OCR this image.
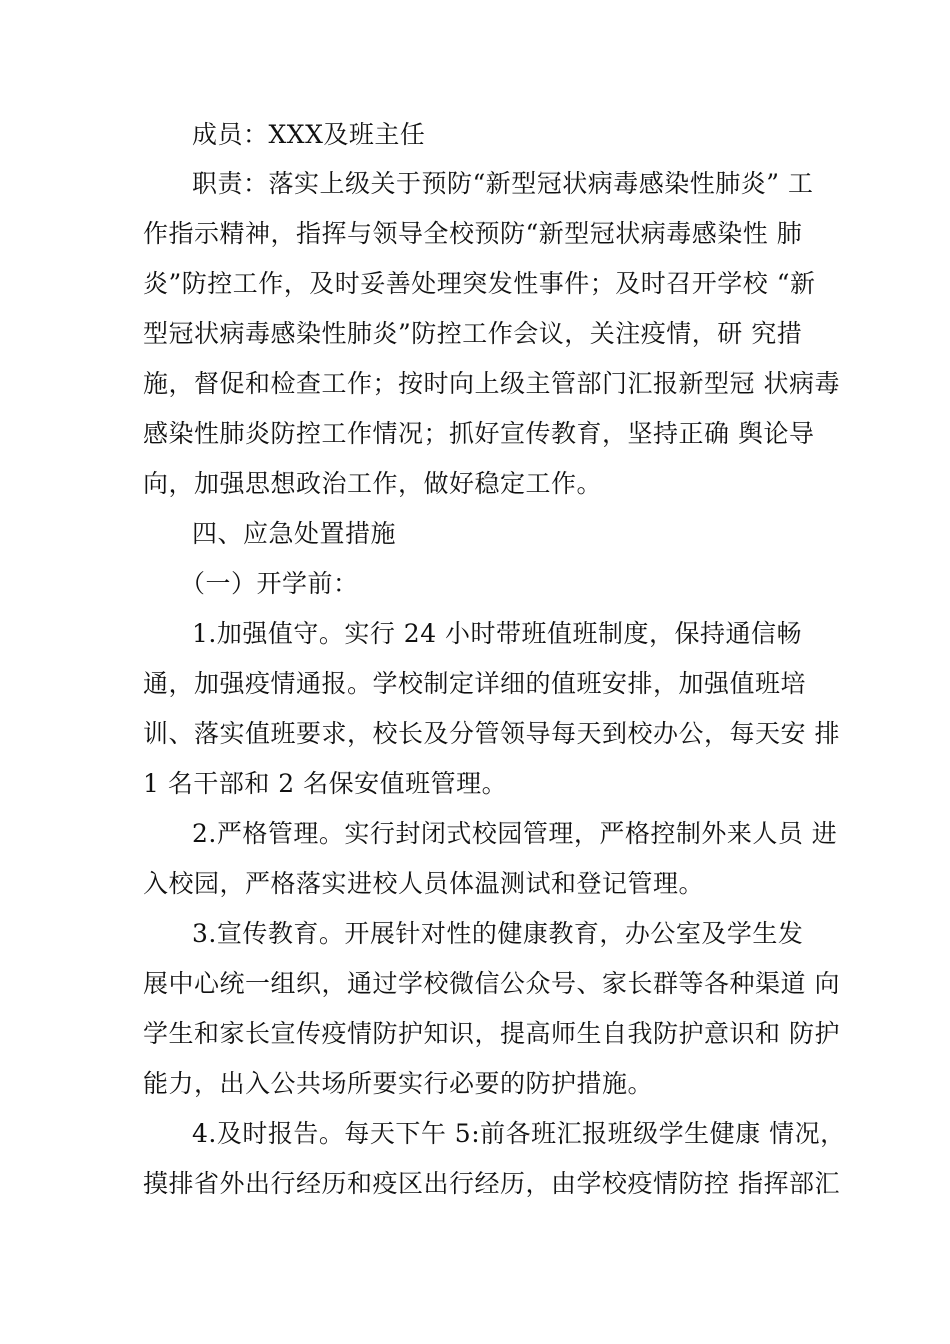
成员：XXX及班主任
职责：落实上级关于预防“新型冠状病毒感染性肺炎” 工
作指示精神，指挥与领导全校预防“新型冠状病毒感染性 肺
炎”防控工作，及时妥善处理突发性事件；及时召开学校 “新
型冠状病毒感染性肺炎”防控工作会议，关注疫情，研 究措
施，督促和检查工作；按时向上级主管部门汇报新型冠 状病毒
感染性肺炎防控工作情况；抓好宣传教育，坚持正确 舆论导
向，加强思想政治工作，做好稳定工作。
四、应急处置措施
（一）开学前：
1.加强值守。实行 24 小时带班值班制度，保持通信畅
通，加强疫情通报。学校制定详细的值班安排，加强值班培
训、落实值班要求，校长及分管领导每天到校办公，每天安 排
1 名干部和 2 名保安值班管理。
2.严格管理。实行封闭式校园管理，严格控制外来人员 进
入校园，严格落实进校人员体温测试和登记管理。
3.宣传教育。开展针对性的健康教育，办公室及学生发
展中心统一组织，通过学校微信公众号、家长群等各种渠道 向
学生和家长宣传疫情防护知识，提高师生自我防护意识和 防护
能力，出入公共场所要实行必要的防护措施。
4.及时报告。每天下午 5:前各班汇报班级学生健康 情况，
摸排省外出行经历和疫区出行经历，由学校疫情防控 指挥部汇
